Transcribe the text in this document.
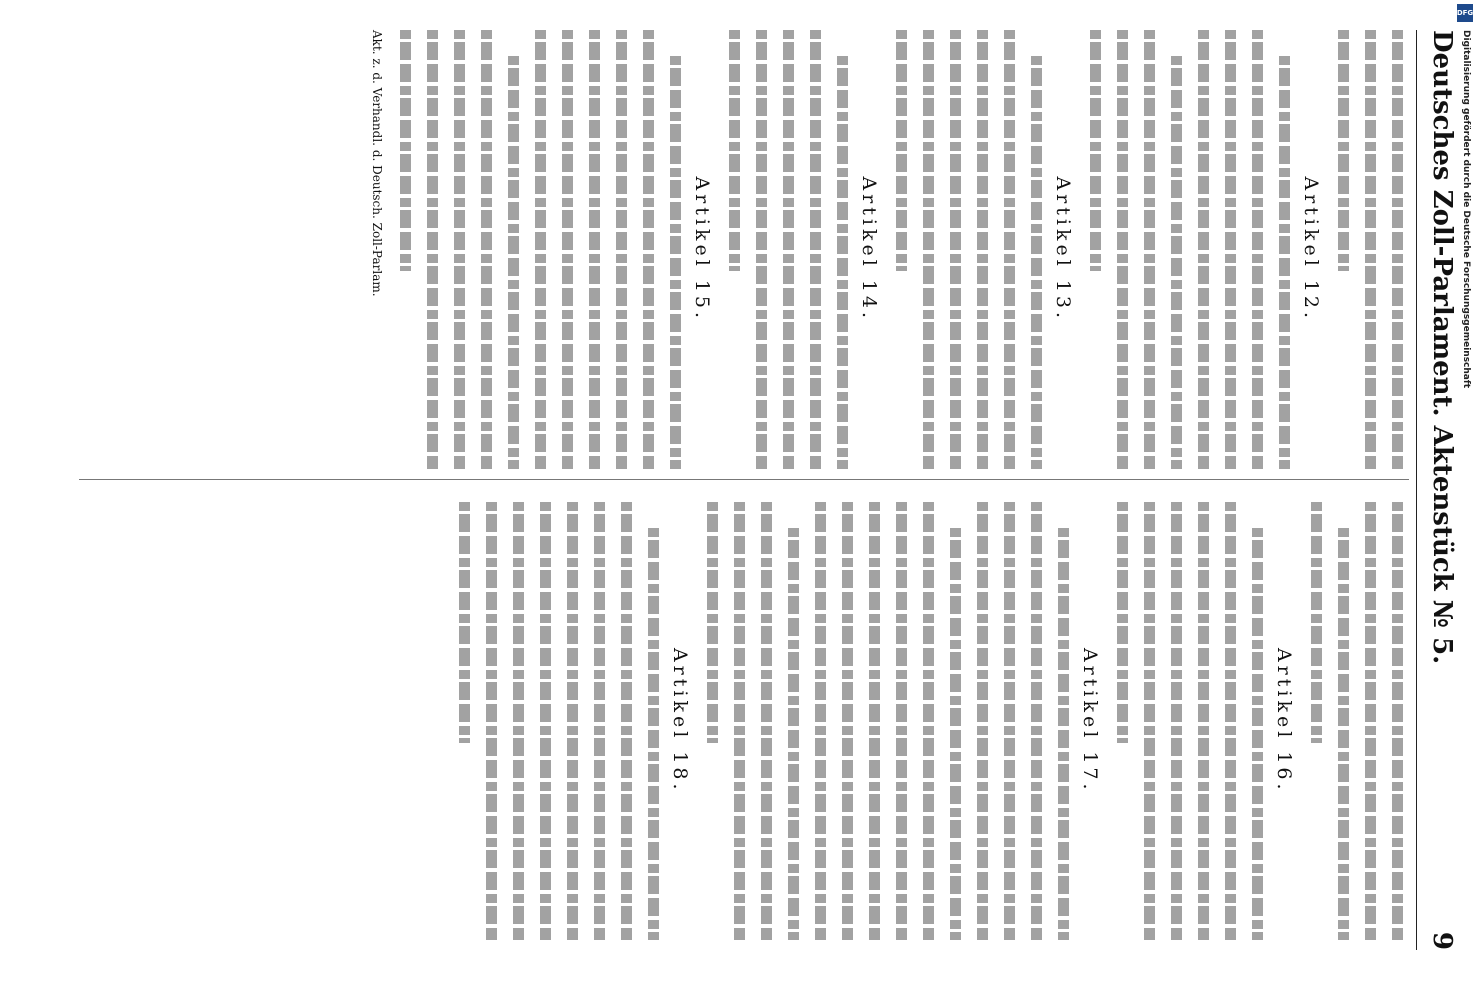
Deutsches Zoll-Parlament. Aktenstück № 5.
9
Artikel 12.
Artikel 13.
Artikel 14.
Artikel 15.
Akt. z. d. Verhandl. d. Deutsch. Zoll-Parlam.
Artikel 16.
Artikel 17.
Artikel 18.
DFG
Digitalisierung gefördert durch die Deutsche Forschungsgemeinschaft
